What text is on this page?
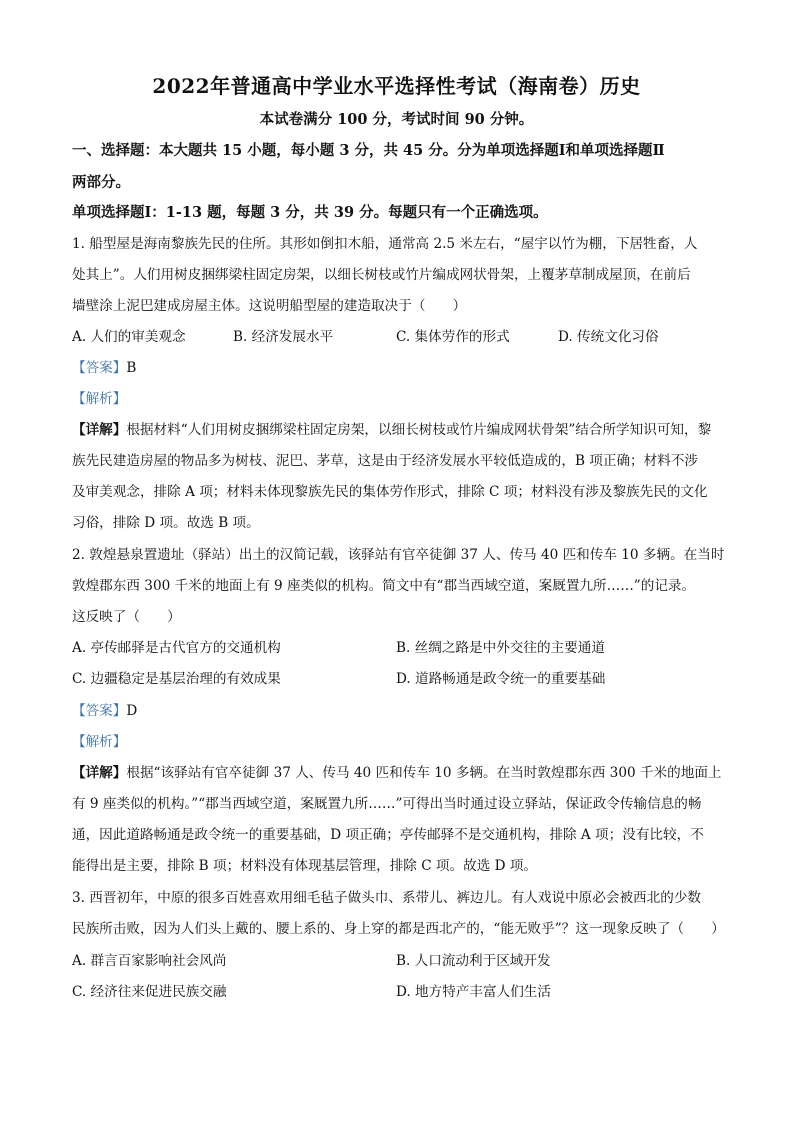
2022年普通高中学业水平选择性考试（海南卷）历史
本试卷满分 100 分，考试时间 90 分钟。
一、选择题：本大题共 15 小题，每小题 3 分，共 45 分。分为单项选择题Ⅰ和单项选择题Ⅱ
两部分。
单项选择题Ⅰ：1-13 题，每题 3 分，共 39 分。每题只有一个正确选项。
1. 船型屋是海南黎族先民的住所。其形如倒扣木船，通常高 2.5 米左右，“屋宇以竹为棚，下居牲畜，人
处其上”。人们用树皮捆绑梁柱固定房架，以细长树枝或竹片编成网状骨架，上覆茅草制成屋顶，在前后
墙壁涂上泥巴建成房屋主体。这说明船型屋的建造取决于（　　）
A. 人们的审美观念	B. 经济发展水平	C. 集体劳作的形式	D. 传统文化习俗
【答案】B
【解析】
【详解】根据材料“人们用树皮捆绑梁柱固定房架，以细长树枝或竹片编成网状骨架”结合所学知识可知，黎
族先民建造房屋的物品多为树枝、泥巴、茅草，这是由于经济发展水平较低造成的，B 项正确；材料不涉
及审美观念，排除 A 项；材料未体现黎族先民的集体劳作形式，排除 C 项；材料没有涉及黎族先民的文化
习俗，排除 D 项。故选 B 项。
2. 敦煌悬泉置遗址（驿站）出土的汉简记载，该驿站有官卒徒御 37 人、传马 40 匹和传车 10 多辆。在当时
敦煌郡东西 300 千米的地面上有 9 座类似的机构。简文中有“郡当西域空道，案厩置九所……”的记录。
这反映了（　　）
A. 亭传邮驿是古代官方的交通机构	B. 丝绸之路是中外交往的主要通道
C. 边疆稳定是基层治理的有效成果	D. 道路畅通是政令统一的重要基础
【答案】D
【解析】
【详解】根据“该驿站有官卒徒御 37 人、传马 40 匹和传车 10 多辆。在当时敦煌郡东西 300 千米的地面上
有 9 座类似的机构。”“郡当西域空道，案厩置九所……”可得出当时通过设立驿站，保证政令传输信息的畅
通，因此道路畅通是政令统一的重要基础，D 项正确；亭传邮驿不是交通机构，排除 A 项；没有比较，不
能得出是主要，排除 B 项；材料没有体现基层管理，排除 C 项。故选 D 项。
3. 西晋初年，中原的很多百姓喜欢用细毛毡子做头巾、系带儿、裤边儿。有人戏说中原必会被西北的少数
民族所击败，因为人们头上戴的、腰上系的、身上穿的都是西北产的，“能无败乎”？这一现象反映了（　　）
A. 群言百家影响社会风尚	B. 人口流动利于区域开发
C. 经济往来促进民族交融	D. 地方特产丰富人们生活
